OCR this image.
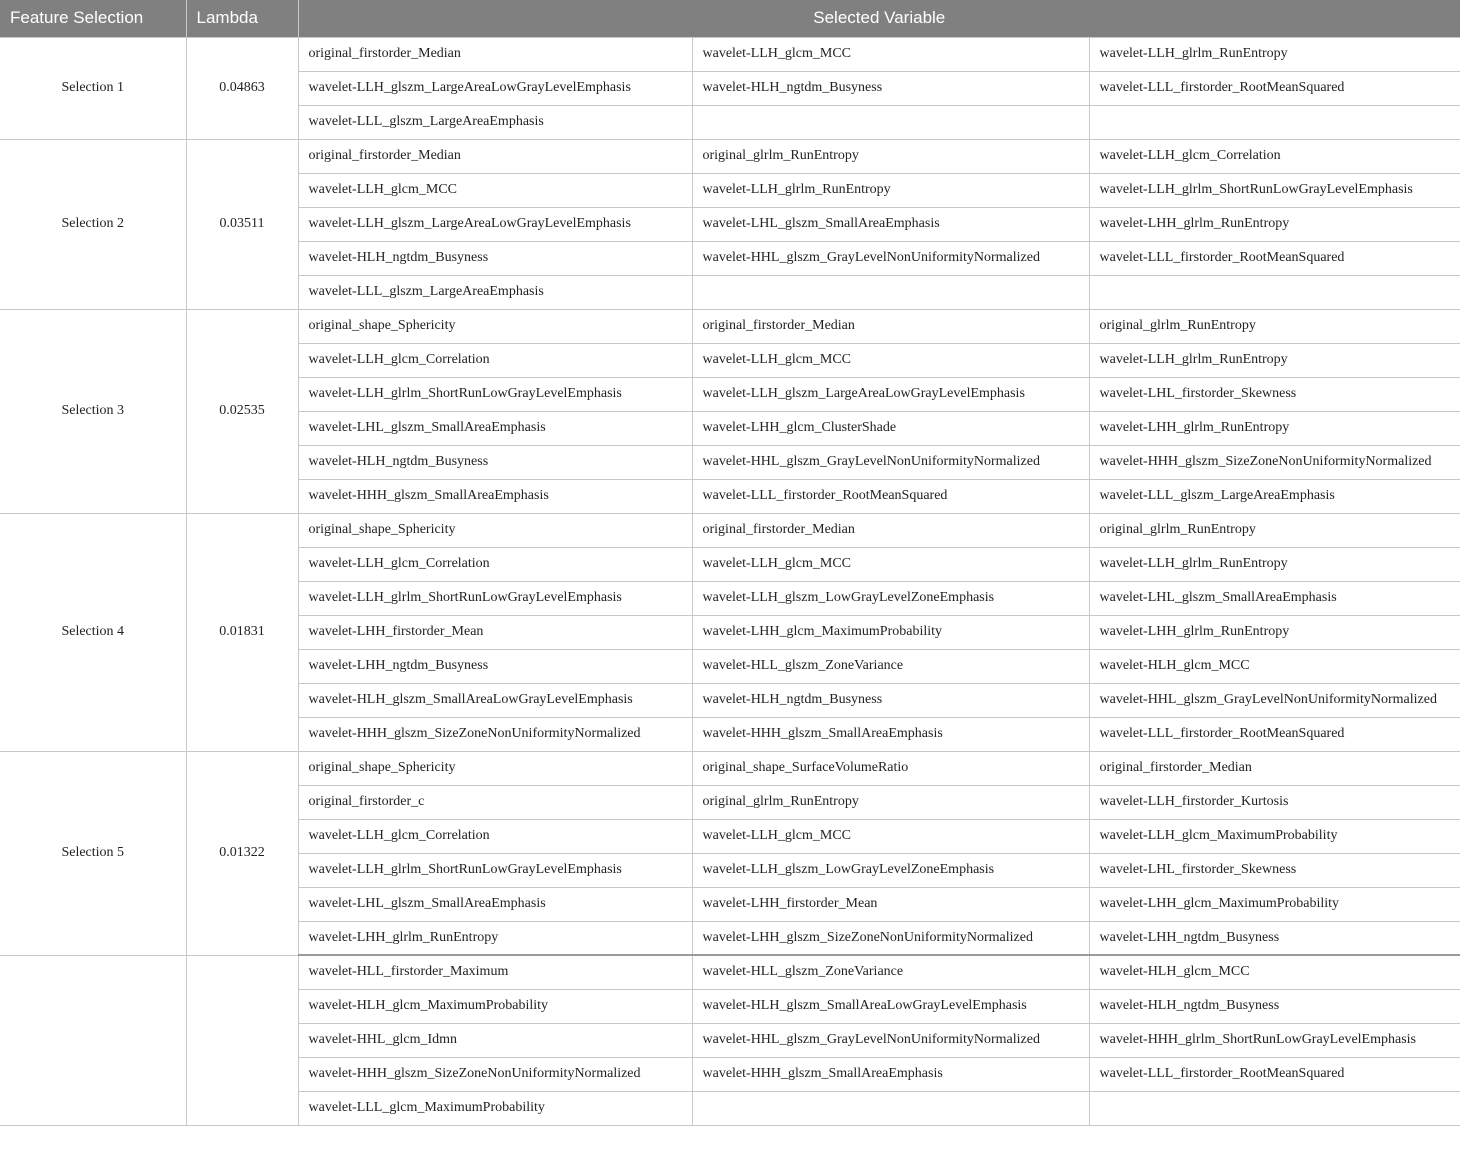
Feature Selection	Lambda	Selected Variable		
Selection 1	0.04863	original_firstorder_Median	wavelet-LLH_glcm_MCC	wavelet-LLH_glrlm_RunEntropy
		wavelet-LLH_glszm_LargeAreaLowGrayLevelEmphasis	wavelet-HLH_ngtdm_Busyness	wavelet-LLL_firstorder_RootMeanSquared
		wavelet-LLL_glszm_LargeAreaEmphasis		
Selection 2	0.03511	original_firstorder_Median	original_glrlm_RunEntropy	wavelet-LLH_glcm_Correlation
		wavelet-LLH_glcm_MCC	wavelet-LLH_glrlm_RunEntropy	wavelet-LLH_glrlm_ShortRunLowGrayLevelEmphasis
		wavelet-LLH_glszm_LargeAreaLowGrayLevelEmphasis	wavelet-LHL_glszm_SmallAreaEmphasis	wavelet-LHH_glrlm_RunEntropy
		wavelet-HLH_ngtdm_Busyness	wavelet-HHL_glszm_GrayLevelNonUniformityNormalized	wavelet-LLL_firstorder_RootMeanSquared
		wavelet-LLL_glszm_LargeAreaEmphasis		
Selection 3	0.02535	original_shape_Sphericity	original_firstorder_Median	original_glrlm_RunEntropy
		wavelet-LLH_glcm_Correlation	wavelet-LLH_glcm_MCC	wavelet-LLH_glrlm_RunEntropy
		wavelet-LLH_glrlm_ShortRunLowGrayLevelEmphasis	wavelet-LLH_glszm_LargeAreaLowGrayLevelEmphasis	wavelet-LHL_firstorder_Skewness
		wavelet-LHL_glszm_SmallAreaEmphasis	wavelet-LHH_glcm_ClusterShade	wavelet-LHH_glrlm_RunEntropy
		wavelet-HLH_ngtdm_Busyness	wavelet-HHL_glszm_GrayLevelNonUniformityNormalized	wavelet-HHH_glszm_SizeZoneNonUniformityNormalized
		wavelet-HHH_glszm_SmallAreaEmphasis	wavelet-LLL_firstorder_RootMeanSquared	wavelet-LLL_glszm_LargeAreaEmphasis
Selection 4	0.01831	original_shape_Sphericity	original_firstorder_Median	original_glrlm_RunEntropy
		wavelet-LLH_glcm_Correlation	wavelet-LLH_glcm_MCC	wavelet-LLH_glrlm_RunEntropy
		wavelet-LLH_glrlm_ShortRunLowGrayLevelEmphasis	wavelet-LLH_glszm_LowGrayLevelZoneEmphasis	wavelet-LHL_glszm_SmallAreaEmphasis
		wavelet-LHH_firstorder_Mean	wavelet-LHH_glcm_MaximumProbability	wavelet-LHH_glrlm_RunEntropy
		wavelet-LHH_ngtdm_Busyness	wavelet-HLL_glszm_ZoneVariance	wavelet-HLH_glcm_MCC
		wavelet-HLH_glszm_SmallAreaLowGrayLevelEmphasis	wavelet-HLH_ngtdm_Busyness	wavelet-HHL_glszm_GrayLevelNonUniformityNormalized
		wavelet-HHH_glszm_SizeZoneNonUniformityNormalized	wavelet-HHH_glszm_SmallAreaEmphasis	wavelet-LLL_firstorder_RootMeanSquared
Selection 5	0.01322	original_shape_Sphericity	original_shape_SurfaceVolumeRatio	original_firstorder_Median
		original_firstorder_c	original_glrlm_RunEntropy	wavelet-LLH_firstorder_Kurtosis
		wavelet-LLH_glcm_Correlation	wavelet-LLH_glcm_MCC	wavelet-LLH_glcm_MaximumProbability
		wavelet-LLH_glrlm_ShortRunLowGrayLevelEmphasis	wavelet-LLH_glszm_LowGrayLevelZoneEmphasis	wavelet-LHL_firstorder_Skewness
		wavelet-LHL_glszm_SmallAreaEmphasis	wavelet-LHH_firstorder_Mean	wavelet-LHH_glcm_MaximumProbability
		wavelet-LHH_glrlm_RunEntropy	wavelet-LHH_glszm_SizeZoneNonUniformityNormalized	wavelet-LHH_ngtdm_Busyness
		wavelet-HLL_firstorder_Maximum	wavelet-HLL_glszm_ZoneVariance	wavelet-HLH_glcm_MCC
		wavelet-HLH_glcm_MaximumProbability	wavelet-HLH_glszm_SmallAreaLowGrayLevelEmphasis	wavelet-HLH_ngtdm_Busyness
		wavelet-HHL_glcm_Idmn	wavelet-HHL_glszm_GrayLevelNonUniformityNormalized	wavelet-HHH_glrlm_ShortRunLowGrayLevelEmphasis
		wavelet-HHH_glszm_SizeZoneNonUniformityNormalized	wavelet-HHH_glszm_SmallAreaEmphasis	wavelet-LLL_firstorder_RootMeanSquared
		wavelet-LLL_glcm_MaximumProbability		
